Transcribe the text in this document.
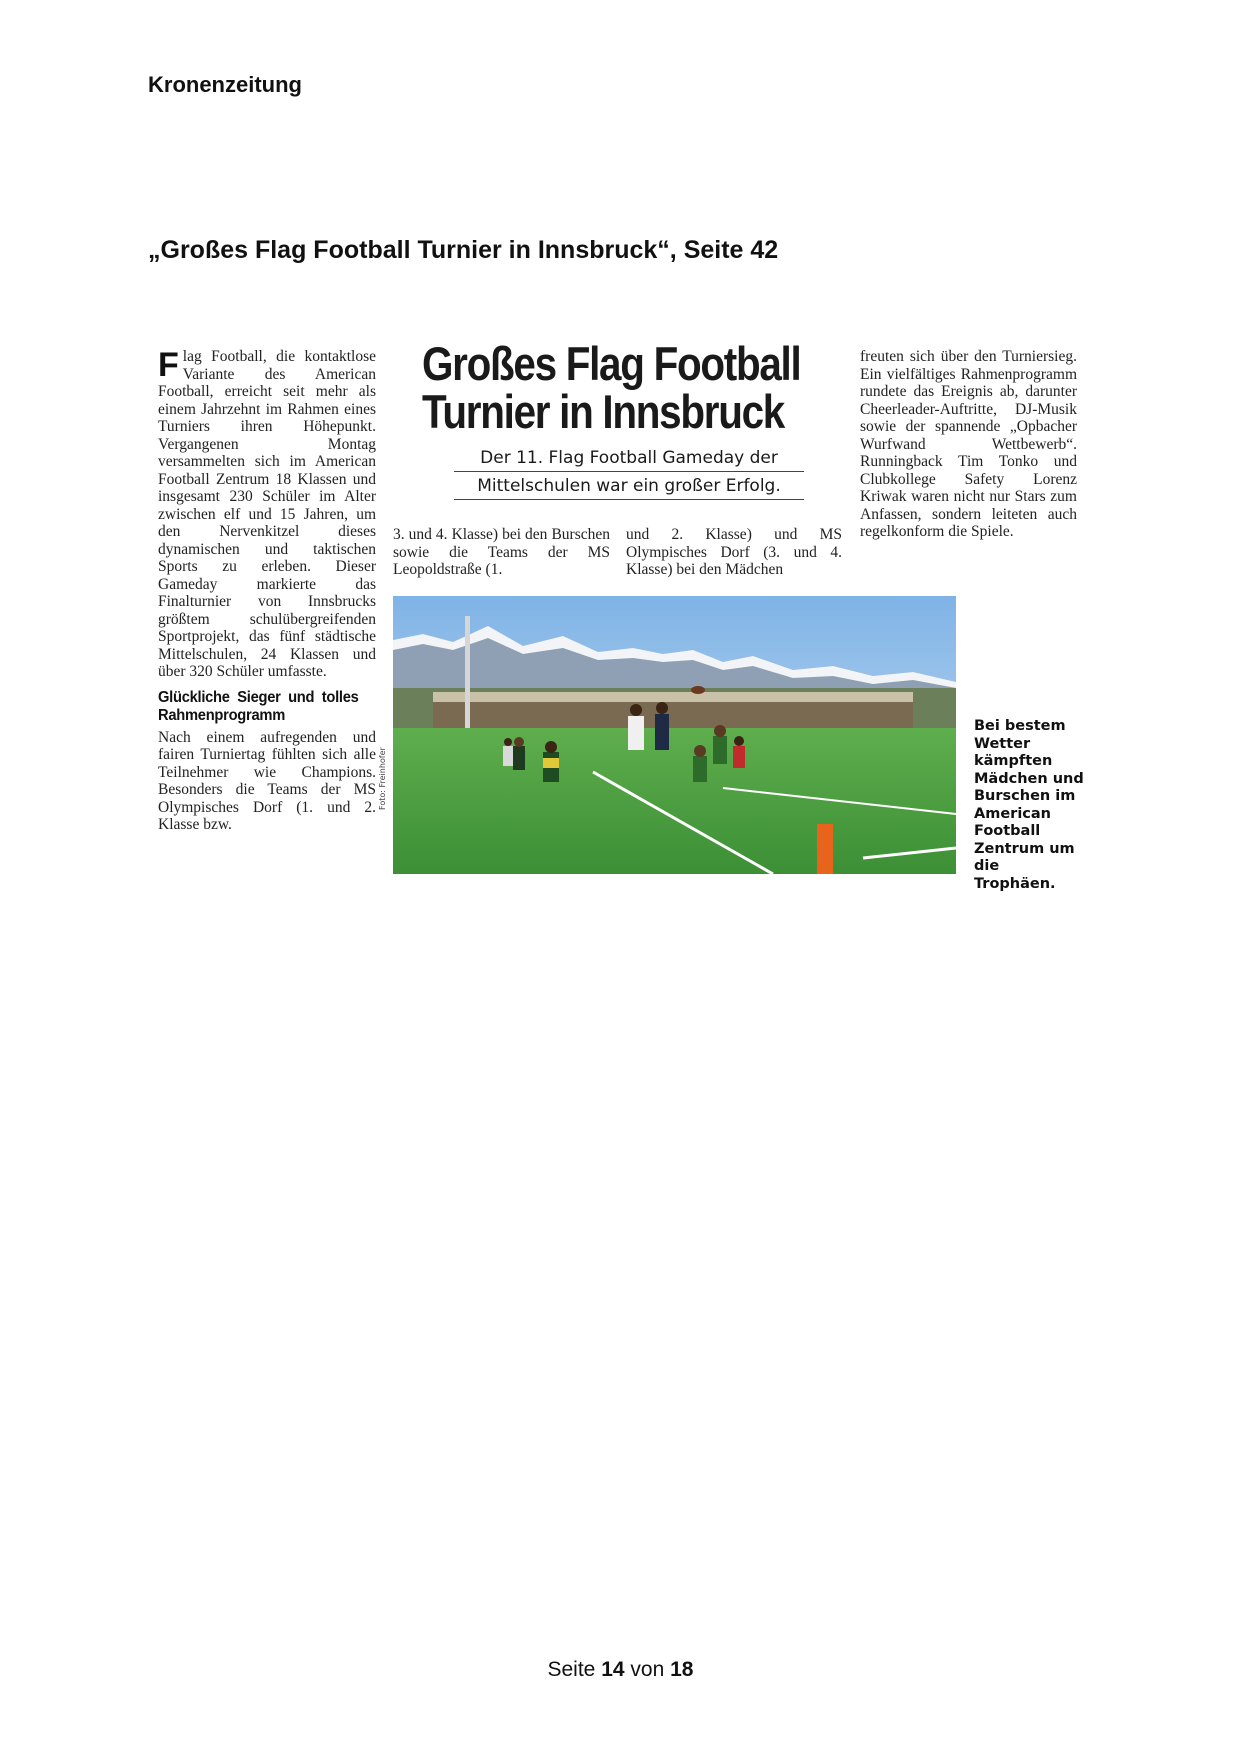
Kronenzeitung
„Großes Flag Football Turnier in Innsbruck“, Seite 42
F lag Football, die kontaktlose Variante des American Football, erreicht seit mehr als einem Jahrzehnt im Rahmen eines Turniers ihren Höhepunkt. Vergangenen Montag versammelten sich im American Football Zentrum 18 Klassen und insgesamt 230 Schüler im Alter zwischen elf und 15 Jahren, um den Nervenkitzel dieses dynamischen und taktischen Sports zu erleben. Dieser Gameday markierte das Finalturnier von Innsbrucks größtem schulübergreifenden Sportprojekt, das fünf städtische Mittelschulen, 24 Klassen und über 320 Schüler umfasste.

Glückliche Sieger und tolles Rahmenprogramm

Nach einem aufregenden und fairen Turniertag fühlten sich alle Teilnehmer wie Champions. Besonders die Teams der MS Olympisches Dorf (1. und 2. Klasse bzw.

Großes Flag Football
Turnier in Innsbruck
Der 11. Flag Football Gameday der
Mittelschulen war ein großer Erfolg.

3. und 4. Klasse) bei den Burschen sowie die Teams der MS Leopoldstraße (1.

und 2. Klasse) und MS Olympisches Dorf (3. und 4. Klasse) bei den Mädchen

freuten sich über den Turniersieg. Ein vielfältiges Rahmenprogramm rundete das Ereignis ab, darunter Cheerleader-Auftritte, DJ-Musik sowie der spannende „Opbacher Wurfwand Wettbewerb“. Runningback Tim Tonko und Clubkollege Safety Lorenz Kriwak waren nicht nur Stars zum Anfassen, sondern leiteten auch regelkonform die Spiele.

Foto: Freinhofer
Bei bestem Wetter kämpften Mädchen und Burschen im American Football Zentrum um die Trophäen.
Seite 14 von 18
